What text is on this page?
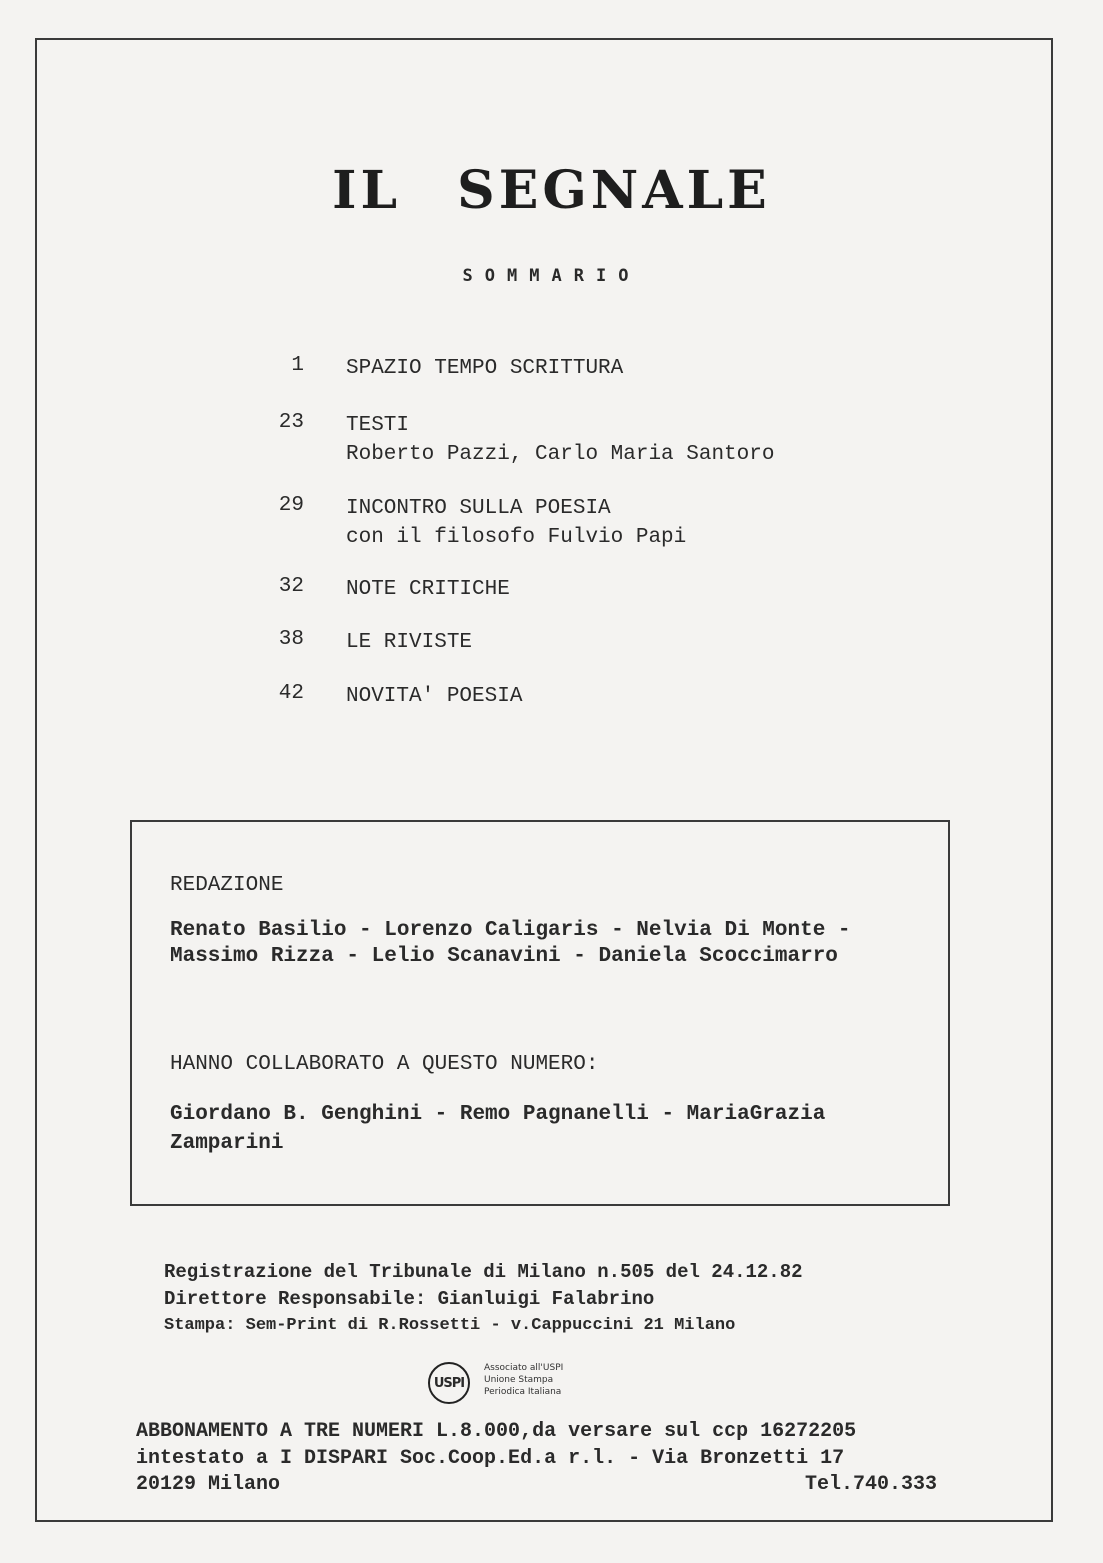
IL SEGNALE
SOMMARIO
1 SPAZIO TEMPO SCRITTURA
23 TESTI
Roberto Pazzi, Carlo Maria Santoro
29 INCONTRO SULLA POESIA
con il filosofo Fulvio Papi
32 NOTE CRITICHE
38 LE RIVISTE
42 NOVITA' POESIA
REDAZIONE
Renato Basilio - Lorenzo Caligaris - Nelvia Di Monte -
Massimo Rizza - Lelio Scanavini - Daniela Scoccimarro
HANNO COLLABORATO A QUESTO NUMERO:
Giordano B. Genghini - Remo Pagnanelli - MariaGrazia
Zamparini
Registrazione del Tribunale di Milano n.505 del 24.12.82
Direttore Responsabile: Gianluigi Falabrino
Stampa: Sem-Print di R.Rossetti - v.Cappuccini 21 Milano
USPI
Associato all'USPI
Unione Stampa
Periodica Italiana
ABBONAMENTO A TRE NUMERI L.8.000,da versare sul ccp 16272205
intestato a I DISPARI Soc.Coop.Ed.a r.l. - Via Bronzetti 17
20129 Milano	Tel.740.333
